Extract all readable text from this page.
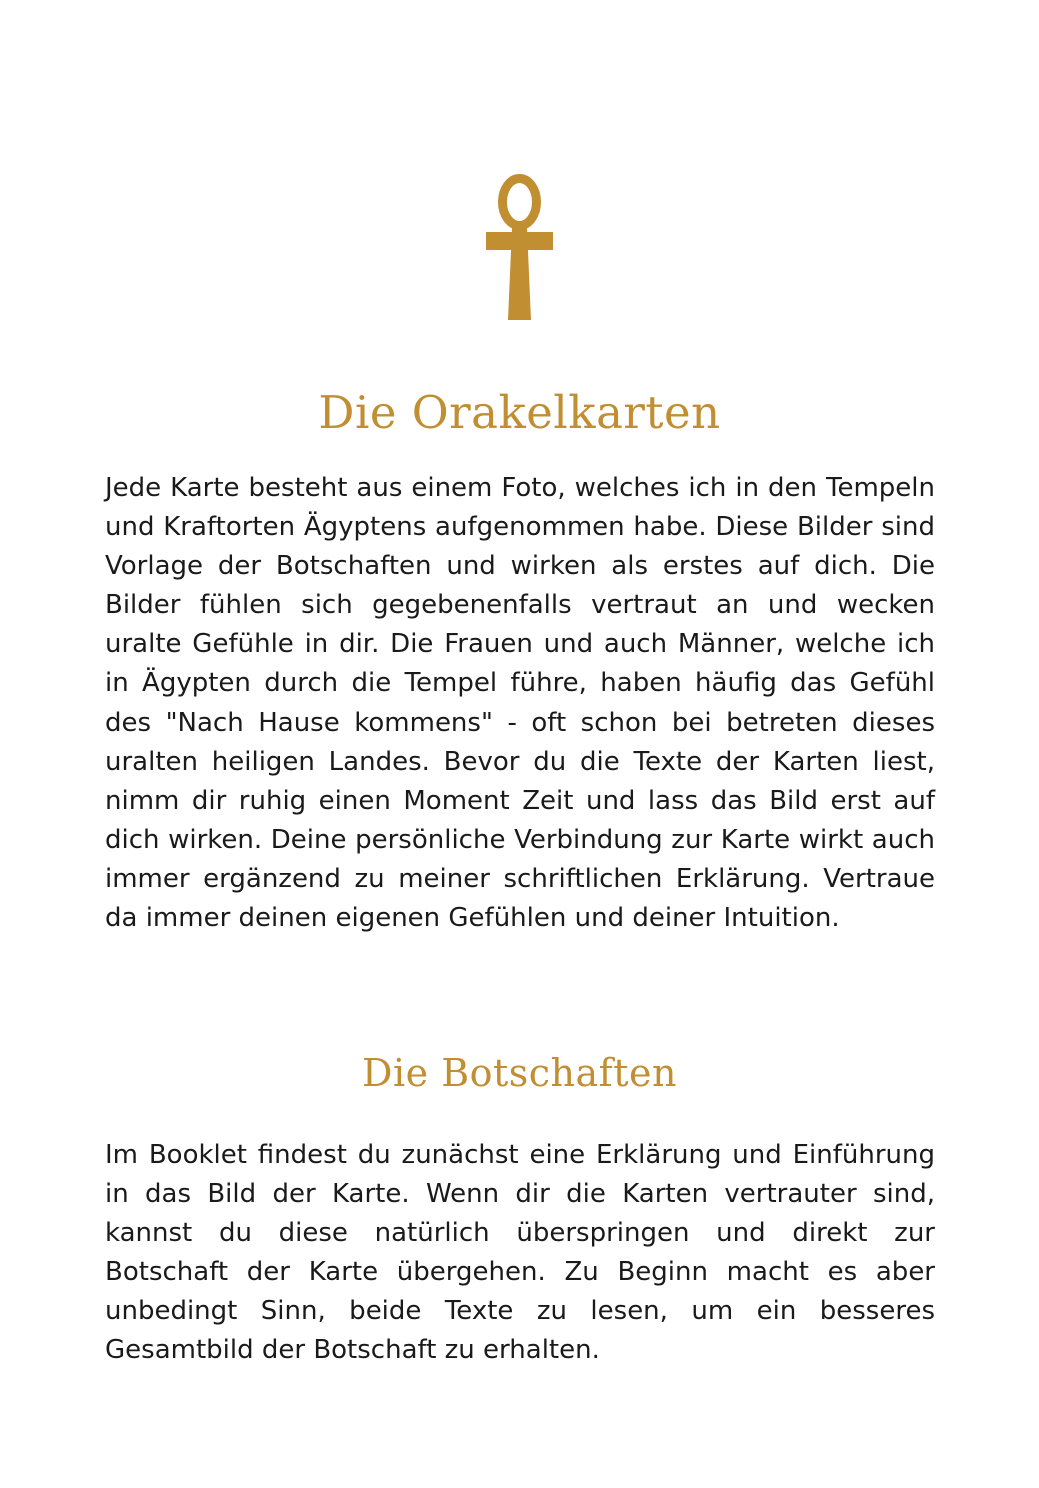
Die Orakelkarten

Jede Karte besteht aus einem Foto, welches ich in den Tempeln und Kraftorten Ägyptens aufgenommen habe. Diese Bilder sind Vorlage der Botschaften und wirken als erstes auf dich. Die Bilder fühlen sich gegebenenfalls vertraut an und wecken uralte Gefühle in dir. Die Frauen und auch Männer, welche ich in Ägypten durch die Tempel führe, haben häufig das Gefühl des "Nach Hause kommens" - oft schon bei betreten dieses uralten heiligen Landes. Bevor du die Texte der Karten liest, nimm dir ruhig einen Moment Zeit und lass das Bild erst auf dich wirken. Deine persönliche Verbindung zur Karte wirkt auch immer ergänzend zu meiner schriftlichen Erklärung. Vertraue da immer deinen eigenen Gefühlen und deiner Intuition.

Die Botschaften

Im Booklet findest du zunächst eine Erklärung und Einführung in das Bild der Karte. Wenn dir die Karten vertrauter sind, kannst du diese natürlich überspringen und direkt zur Botschaft der Karte übergehen. Zu Beginn macht es aber unbedingt Sinn, beide Texte zu lesen, um ein besseres Gesamtbild der Botschaft zu erhalten.
